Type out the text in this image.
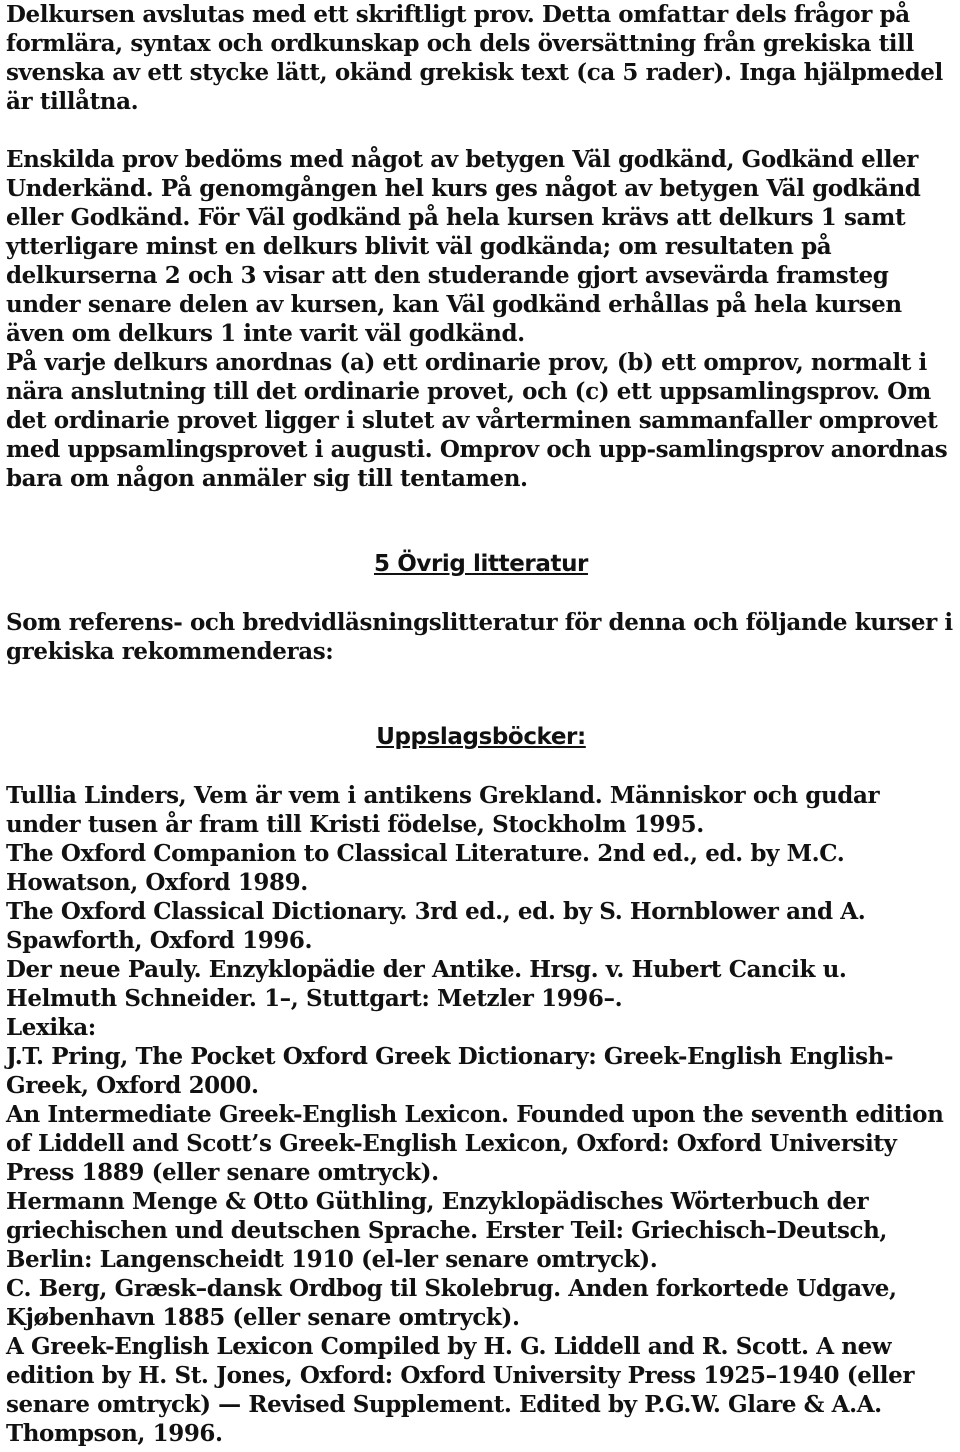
Delkursen avslutas med ett skriftligt prov. Detta omfattar dels frågor på formlära, syntax och ordkunskap och dels översättning från grekiska till svenska av ett stycke lätt, okänd grekisk text (ca 5 rader). Inga hjälpmedel är tillåtna.

Enskilda prov bedöms med något av betygen Väl godkänd, Godkänd eller Underkänd. På genomgången hel kurs ges något av betygen Väl godkänd eller Godkänd. För Väl godkänd på hela kursen krävs att delkurs 1 samt ytterligare minst en delkurs blivit väl godkända; om resultaten på delkurserna 2 och 3 visar att den studerande gjort avsevärda framsteg under senare delen av kursen, kan Väl godkänd erhållas på hela kursen även om delkurs 1 inte varit väl godkänd.

På varje delkurs anordnas (a) ett ordinarie prov, (b) ett omprov, normalt i nära anslutning till det ordinarie provet, och (c) ett uppsamlingsprov. Om det ordinarie provet ligger i slutet av vårterminen sammanfaller omprovet med uppsamlingsprovet i augusti. Omprov och upp-samlingsprov anordnas bara om någon anmäler sig till tentamen.

5 Övrig litteratur

Som referens- och bredvidläsningslitteratur för denna och följande kurser i grekiska rekommenderas:

Uppslagsböcker:

Tullia Linders, Vem är vem i antikens Grekland. Människor och gudar under tusen år fram till Kristi födelse, Stockholm 1995.

The Oxford Companion to Classical Literature. 2nd ed., ed. by M.C. Howatson, Oxford 1989.

The Oxford Classical Dictionary. 3rd ed., ed. by S. Hornblower and A. Spawforth, Oxford 1996.

Der neue Pauly. Enzyklopädie der Antike. Hrsg. v. Hubert Cancik u. Helmuth Schneider. 1–, Stuttgart: Metzler 1996–.

Lexika:

J.T. Pring, The Pocket Oxford Greek Dictionary: Greek-English English-Greek, Oxford 2000.

An Intermediate Greek-English Lexicon. Founded upon the seventh edition of Liddell and Scott’s Greek-English Lexicon, Oxford: Oxford University Press 1889 (eller senare omtryck).

Hermann Menge & Otto Güthling, Enzyklopädisches Wörterbuch der griechischen und deutschen Sprache. Erster Teil: Griechisch–Deutsch, Berlin: Langenscheidt 1910 (el-ler senare omtryck).

C. Berg, Græsk–dansk Ordbog til Skolebrug. Anden forkortede Udgave, Kjøbenhavn 1885 (eller senare omtryck).

A Greek-English Lexicon Compiled by H. G. Liddell and R. Scott. A new edition by H. St. Jones, Oxford: Oxford University Press 1925–1940 (eller senare omtryck) — Revised Supplement. Edited by P.G.W. Glare & A.A. Thompson, 1996.
